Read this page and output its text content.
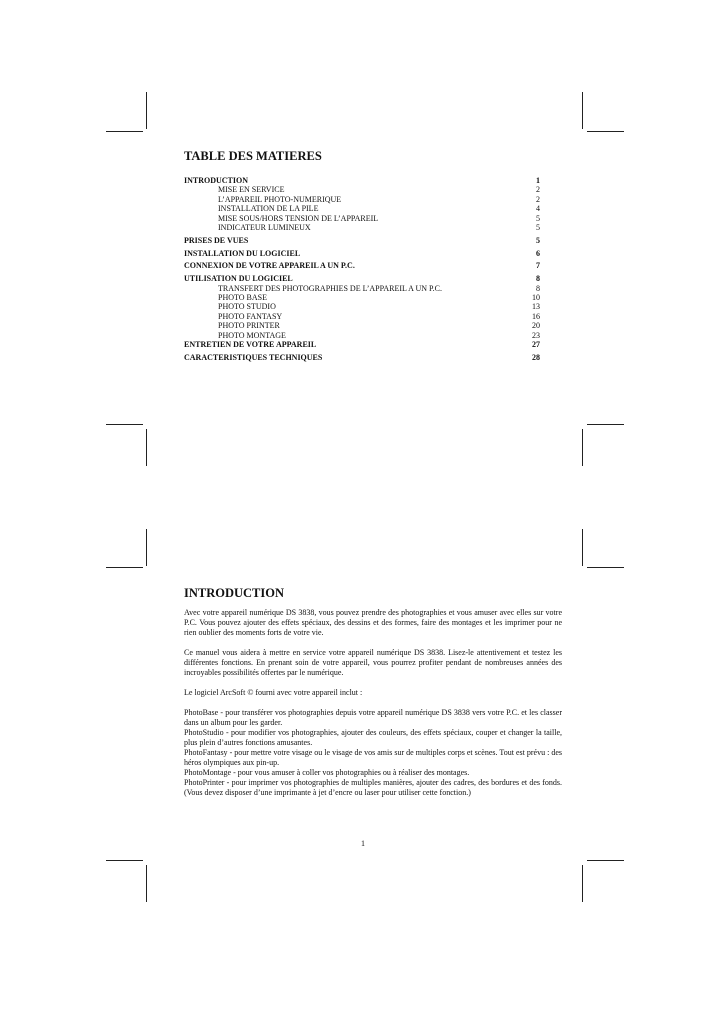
TABLE DES MATIERES
INTRODUCTION	1
MISE EN SERVICE	2
L’APPAREIL PHOTO-NUMERIQUE	2
INSTALLATION DE LA PILE	4
MISE SOUS/HORS TENSION DE L’APPAREIL	5
INDICATEUR LUMINEUX	5
PRISES DE VUES	5
INSTALLATION DU LOGICIEL	6
CONNEXION DE VOTRE APPAREIL A UN P.C.	7
UTILISATION DU LOGICIEL	8
TRANSFERT DES PHOTOGRAPHIES DE L’APPAREIL A UN P.C.	8
PHOTO BASE	10
PHOTO STUDIO	13
PHOTO FANTASY	16
PHOTO PRINTER	20
PHOTO MONTAGE	23
ENTRETIEN DE VOTRE APPAREIL	27
CARACTERISTIQUES TECHNIQUES	28
INTRODUCTION

Avec votre appareil numérique DS 3838, vous pouvez prendre des photographies et vous amuser avec elles sur votre P.C. Vous pouvez ajouter des effets spéciaux, des dessins et des formes, faire des montages et les imprimer pour ne rien oublier des moments forts de votre vie.

Ce manuel vous aidera à mettre en service votre appareil numérique DS 3838. Lisez-le attentivement et testez les différentes fonctions. En prenant soin de votre appareil, vous pourrez profiter pendant de nombreuses années des incroyables possibilités offertes par le numérique.

Le logiciel ArcSoft © fourni avec votre appareil inclut :

PhotoBase - pour transférer vos photographies depuis votre appareil numérique DS 3838 vers votre P.C. et les classer dans un album pour les garder.

PhotoStudio - pour modifier vos photographies, ajouter des couleurs, des effets spéciaux, couper et changer la taille, plus plein d’autres fonctions amusantes.

PhotoFantasy - pour mettre votre visage ou le visage de vos amis sur de multiples corps et scènes. Tout est prévu : des héros olympiques aux pin-up.

PhotoMontage - pour vous amuser à coller vos photographies ou à réaliser des montages.

PhotoPrinter - pour imprimer vos photographies de multiples manières, ajouter des cadres, des bordures et des fonds. (Vous devez disposer d’une imprimante à jet d’encre ou laser pour utiliser cette fonction.)

1
